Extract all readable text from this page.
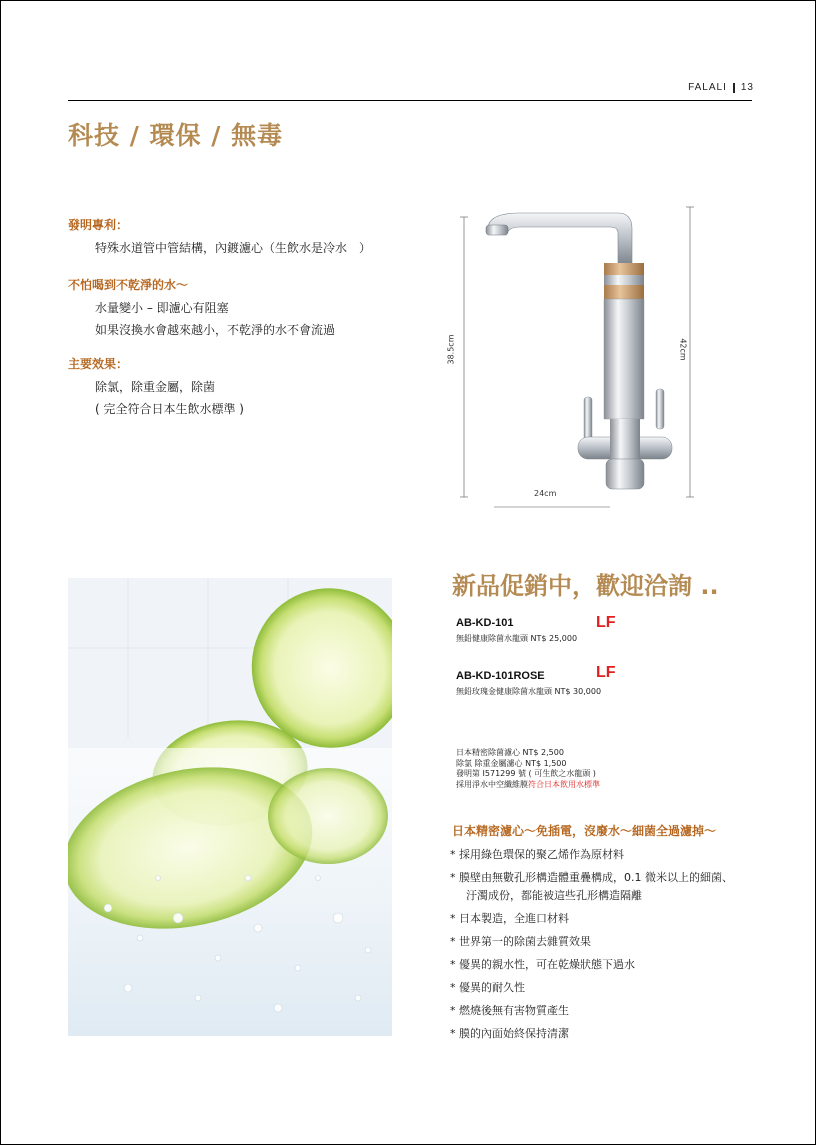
FALALI 13
科技 / 環保 / 無毒
發明專利：
特殊水道管中管結構，內鍍濾心（生飲水是冷水　）
不怕喝到不乾淨的水～
水量變小 – 即濾心有阻塞
如果沒換水會越來越小，不乾淨的水不會流過
主要效果：
除氯，除重金屬，除菌
( 完全符合日本生飲水標準 )
38.5cm	42cm
24cm
新品促銷中，歡迎洽詢 ..
AB-KD-101
無鉛健康除菌水龍頭 NT$ 25,000
LF
AB-KD-101ROSE
無鉛玫瑰金健康除菌水龍頭 NT$ 30,000
LF
日本精密除菌濾心 NT$ 2,500
除氯 除重金屬濾心 NT$ 1,500
發明第 I571299 號 ( 可生飲之水龍頭 )
採用淨水中空纖維膜符合日本飲用水標準
日本精密濾心～免插電，沒廢水～細菌全過濾掉～
* 採用綠色環保的聚乙烯作為原材料
* 膜壁由無數孔形構造體重疊構成，0.1 微米以上的細菌、
汙濁成份，都能被這些孔形構造隔離
* 日本製造，全進口材料
* 世界第一的除菌去雜質效果
* 優異的親水性，可在乾燥狀態下過水
* 優異的耐久性
* 燃燒後無有害物質產生
* 膜的內面始終保持清潔
